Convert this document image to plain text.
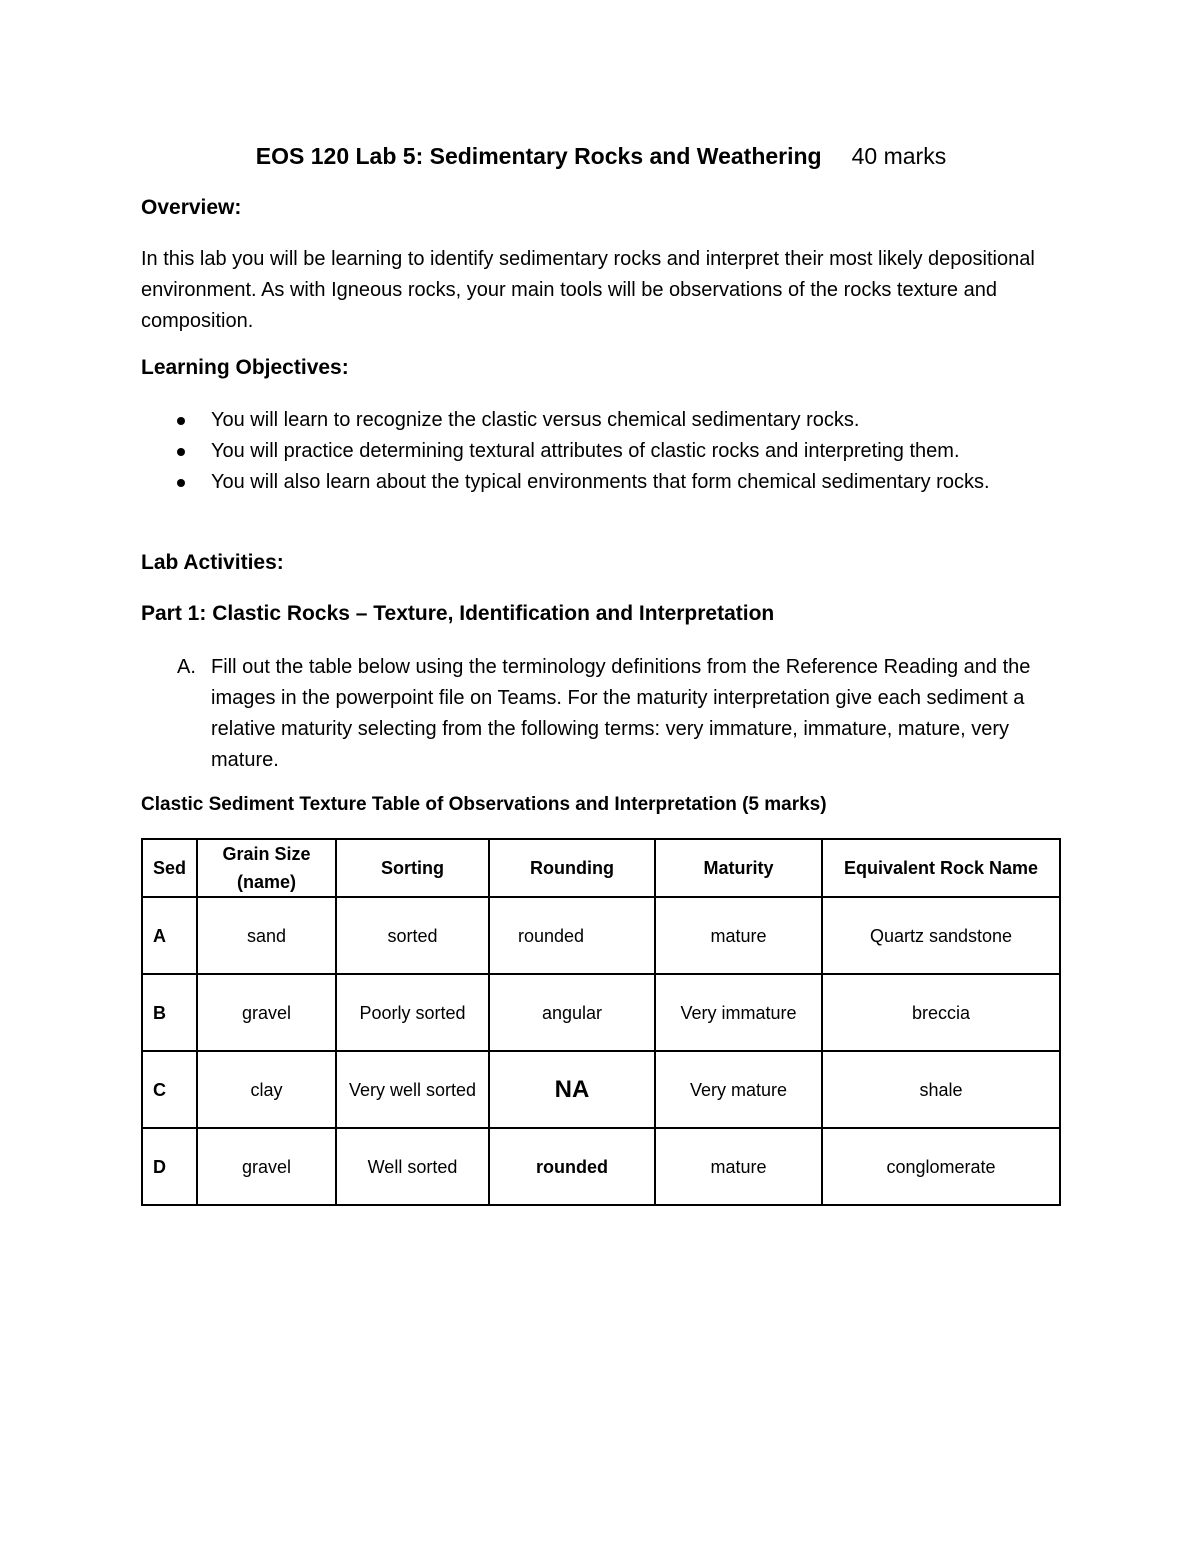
EOS 120 Lab 5: Sedimentary Rocks and Weathering 40 marks
Overview:
In this lab you will be learning to identify sedimentary rocks and interpret their most likely depositional environment. As with Igneous rocks, your main tools will be observations of the rocks texture and composition.
Learning Objectives:
You will learn to recognize the clastic versus chemical sedimentary rocks.
You will practice determining textural attributes of clastic rocks and interpreting them.
You will also learn about the typical environments that form chemical sedimentary rocks.
Lab Activities:
Part 1: Clastic Rocks – Texture, Identification and Interpretation
A. Fill out the table below using the terminology definitions from the Reference Reading and the images in the powerpoint file on Teams. For the maturity interpretation give each sediment a relative maturity selecting from the following terms: very immature, immature, mature, very mature.
Clastic Sediment Texture Table of Observations and Interpretation (5 marks)
Sed	Grain Size (name)	Sorting	Rounding	Maturity	Equivalent Rock Name
A	sand	sorted	rounded	mature	Quartz sandstone
B	gravel	Poorly sorted	angular	Very immature	breccia
C	clay	Very well sorted	NA	Very mature	shale
D	gravel	Well sorted	rounded	mature	conglomerate
